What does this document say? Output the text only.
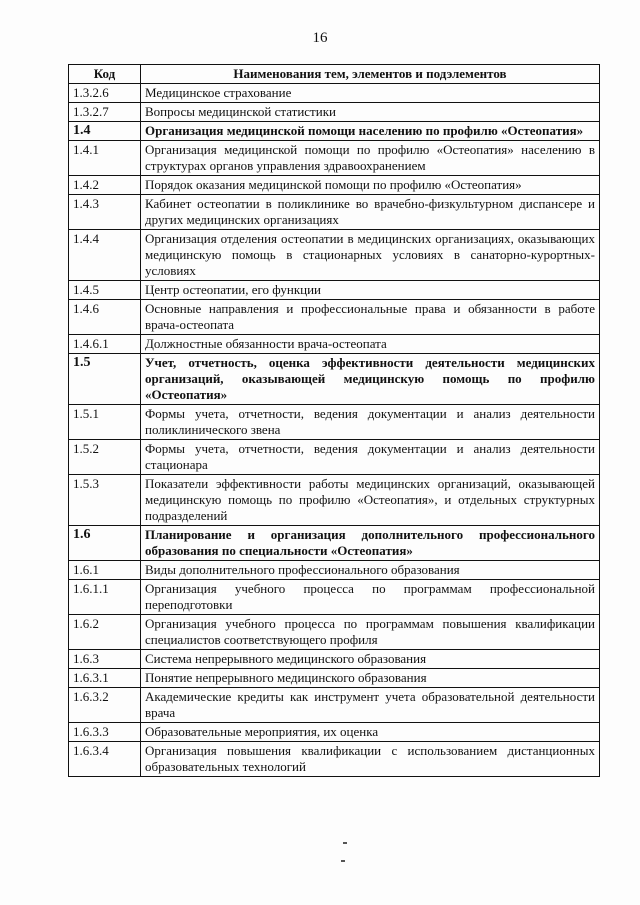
16
Код	Наименования тем, элементов и подэлементов
1.3.2.6	Медицинское страхование
1.3.2.7	Вопросы медицинской статистики
1.4	Организация медицинской помощи населению по профилю «Остеопатия»
1.4.1	Организация медицинской помощи по профилю «Остеопатия» населению в структурах органов управления здравоохранением
1.4.2	Порядок оказания медицинской помощи по профилю «Остеопатия»
1.4.3	Кабинет остеопатии в поликлинике во врачебно-физкультурном диспансере и других медицинских организациях
1.4.4	Организация отделения остеопатии в медицинских организациях, оказывающих медицинскую помощь в стационарных условиях в санаторно-курортных-условиях
1.4.5	Центр остеопатии, его функции
1.4.6	Основные направления и профессиональные права и обязанности в работе врача-остеопата
1.4.6.1	Должностные обязанности врача-остеопата
1.5	Учет, отчетность, оценка эффективности деятельности медицинских организаций, оказывающей медицинскую помощь по профилю «Остеопатия»
1.5.1	Формы учета, отчетности, ведения документации и анализ деятельности поликлинического звена
1.5.2	Формы учета, отчетности, ведения документации и анализ деятельности стационара
1.5.3	Показатели эффективности работы медицинских организаций, оказывающей медицинскую помощь по профилю «Остеопатия», и отдельных структурных подразделений
1.6	Планирование и организация дополнительного профессионального образования по специальности «Остеопатия»
1.6.1	Виды дополнительного профессионального образования
1.6.1.1	Организация учебного процесса по программам профессиональной переподготовки
1.6.2	Организация учебного процесса по программам повышения квалификации специалистов соответствующего профиля
1.6.3	Система непрерывного медицинского образования
1.6.3.1	Понятие непрерывного медицинского образования
1.6.3.2	Академические кредиты как инструмент учета образовательной деятельности врача
1.6.3.3	Образовательные мероприятия, их оценка
1.6.3.4	Организация повышения квалификации с использованием дистанционных образовательных технологий
